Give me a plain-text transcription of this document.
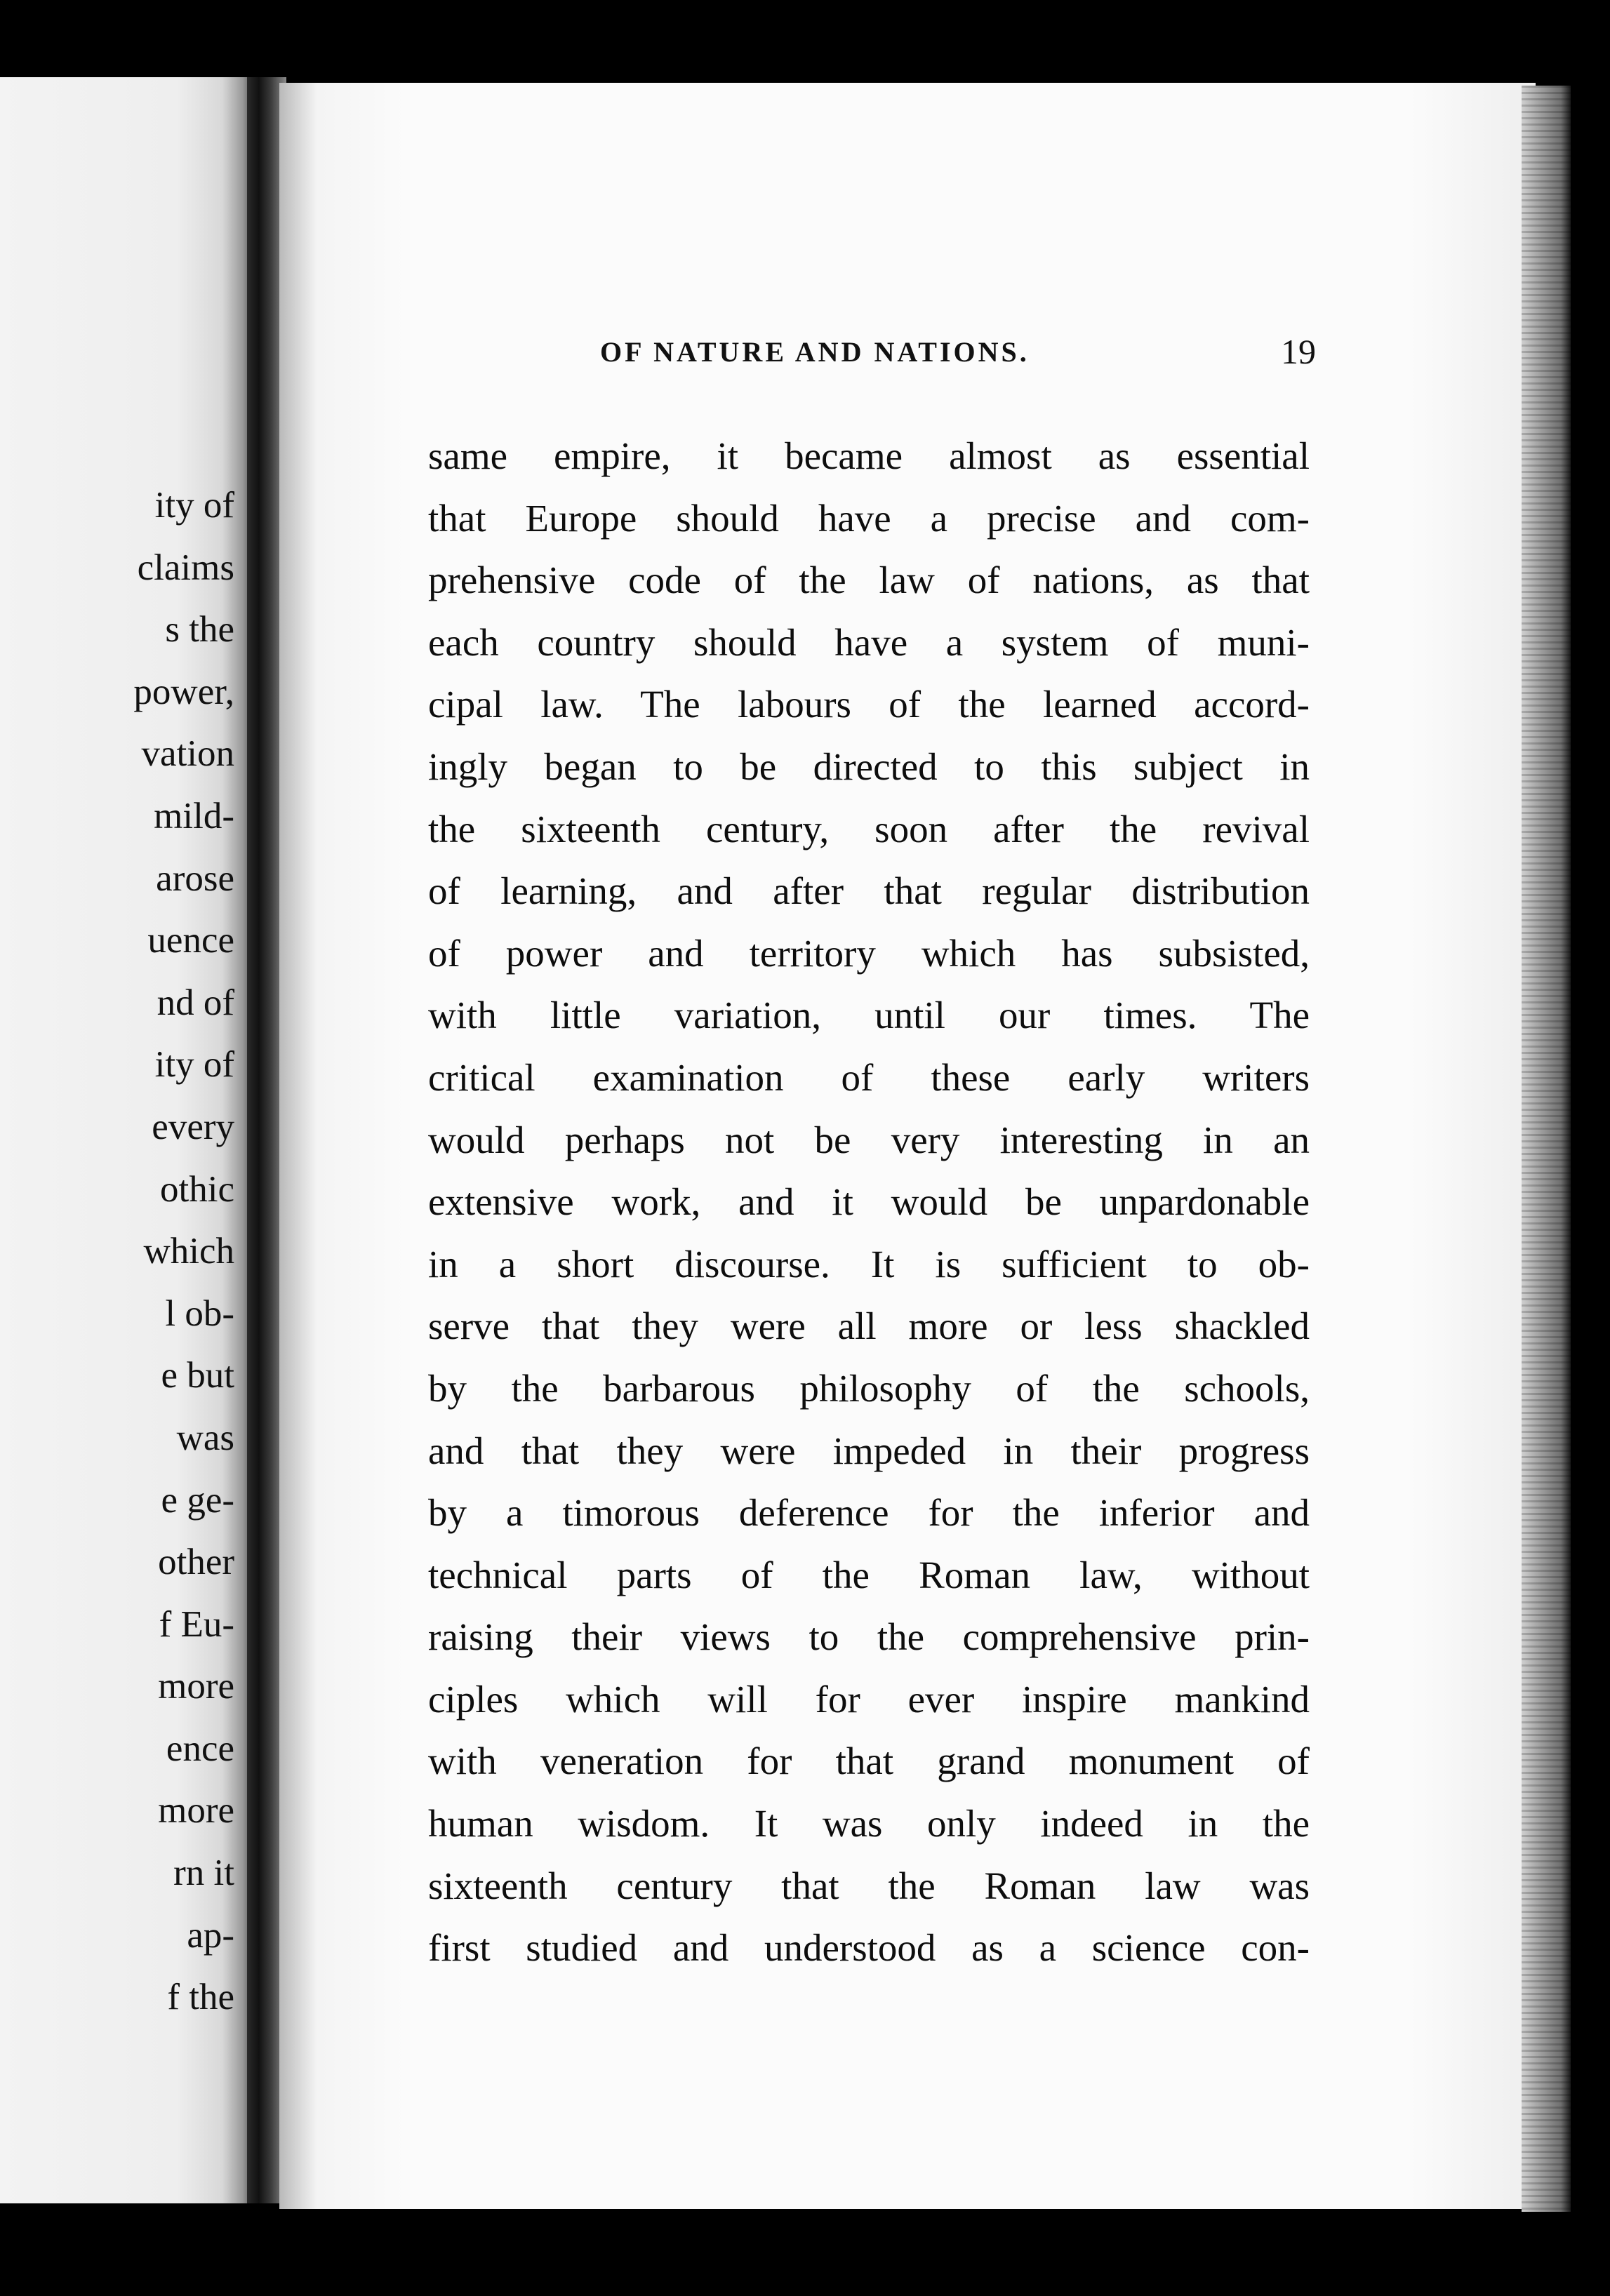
ity of
claims
s the
power,
vation
mild-
arose
uence
nd of
ity of
every
othic
which
l ob-
e but
was
e ge-
other
f Eu-
more
ence
more
rn it
ap-
f the
OF NATURE AND NATIONS.	19
same empire, it became almost as essential
that Europe should have a precise and com-
prehensive code of the law of nations, as that
each country should have a system of muni-
cipal law. The labours of the learned accord-
ingly began to be directed to this subject in
the sixteenth century, soon after the revival
of learning, and after that regular distribution
of power and territory which has subsisted,
with little variation, until our times. The
critical examination of these early writers
would perhaps not be very interesting in an
extensive work, and it would be unpardonable
in a short discourse. It is sufficient to ob-
serve that they were all more or less shackled
by the barbarous philosophy of the schools,
and that they were impeded in their progress
by a timorous deference for the inferior and
technical parts of the Roman law, without
raising their views to the comprehensive prin-
ciples which will for ever inspire mankind
with veneration for that grand monument of
human wisdom. It was only indeed in the
sixteenth century that the Roman law was
first studied and understood as a science con-
